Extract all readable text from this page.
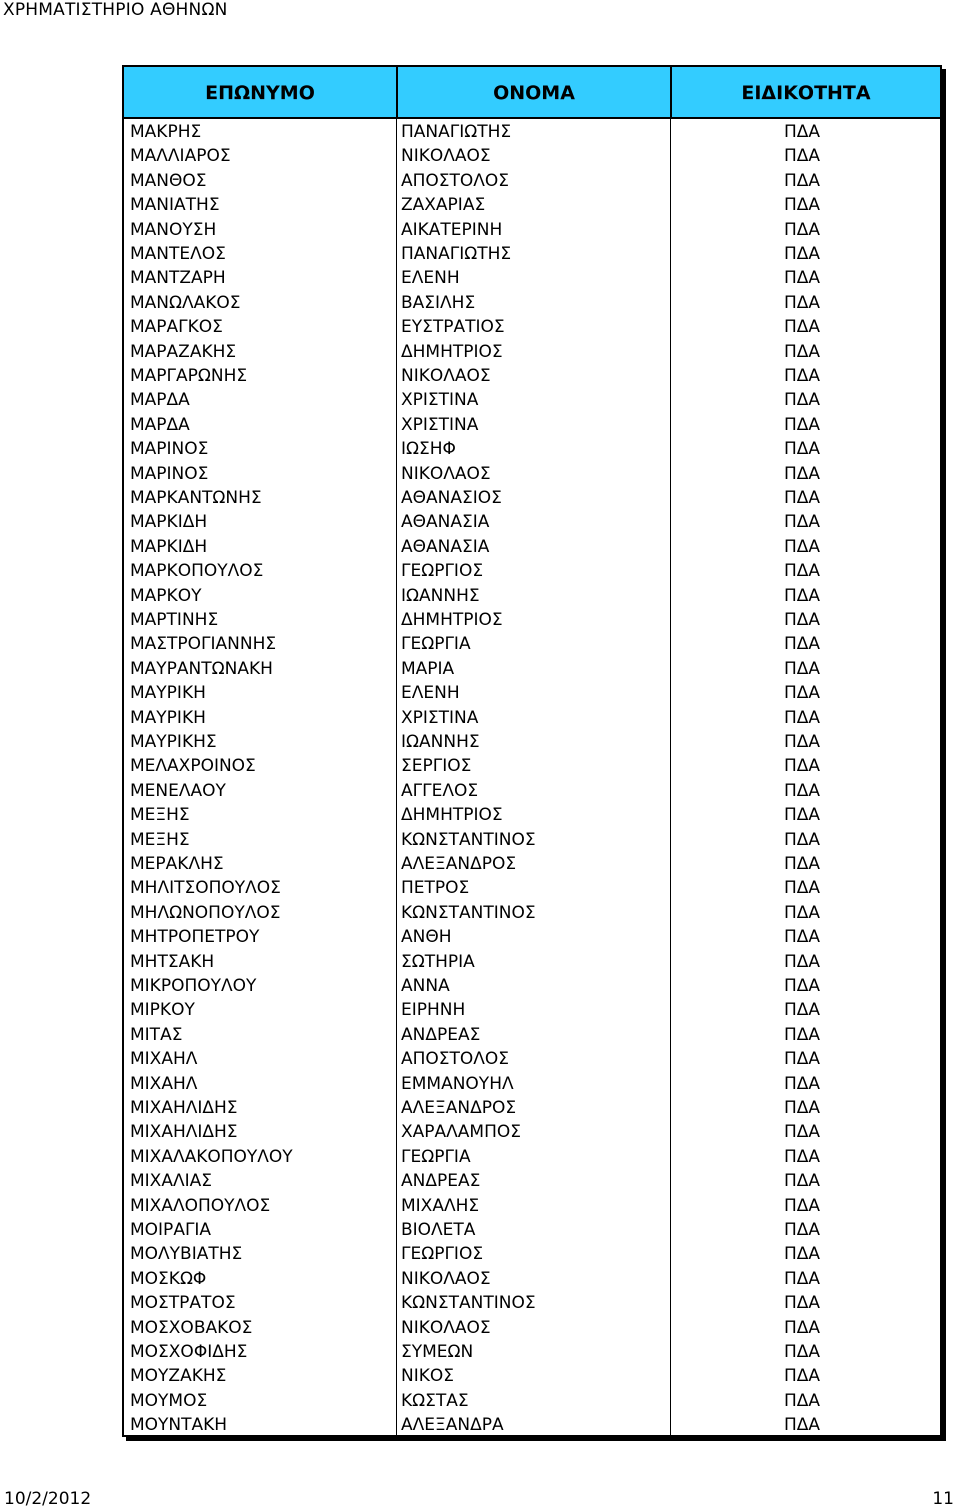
ΧΡΗΜΑΤΙΣΤΗΡΙΟ ΑΘΗΝΩΝ
ΕΠΩΝΥΜΟ	ΟΝΟΜΑ	ΕΙΔΙΚΟΤΗΤΑ
ΜΑΚΡΗΣ	ΠΑΝΑΓΙΩΤΗΣ	ΠΔΑ
ΜΑΛΛΙΑΡΟΣ	ΝΙΚΟΛΑΟΣ	ΠΔΑ
ΜΑΝΘΟΣ	ΑΠΟΣΤΟΛΟΣ	ΠΔΑ
ΜΑΝΙΑΤΗΣ	ΖΑΧΑΡΙΑΣ	ΠΔΑ
ΜΑΝΟΥΣΗ	ΑΙΚΑΤΕΡΙΝΗ	ΠΔΑ
ΜΑΝΤΕΛΟΣ	ΠΑΝΑΓΙΩΤΗΣ	ΠΔΑ
ΜΑΝΤΖΑΡΗ	ΕΛΕΝΗ	ΠΔΑ
ΜΑΝΩΛΑΚΟΣ	ΒΑΣΙΛΗΣ	ΠΔΑ
ΜΑΡΑΓΚΟΣ	ΕΥΣΤΡΑΤΙΟΣ	ΠΔΑ
ΜΑΡΑΖΑΚΗΣ	ΔΗΜΗΤΡΙΟΣ	ΠΔΑ
ΜΑΡΓΑΡΩΝΗΣ	ΝΙΚΟΛΑΟΣ	ΠΔΑ
ΜΑΡΔΑ	ΧΡΙΣΤΙΝΑ	ΠΔΑ
ΜΑΡΔΑ	ΧΡΙΣΤΙΝΑ	ΠΔΑ
ΜΑΡΙΝΟΣ	ΙΩΣΗΦ	ΠΔΑ
ΜΑΡΙΝΟΣ	ΝΙΚΟΛΑΟΣ	ΠΔΑ
ΜΑΡΚΑΝΤΩΝΗΣ	ΑΘΑΝΑΣΙΟΣ	ΠΔΑ
ΜΑΡΚΙΔΗ	ΑΘΑΝΑΣΙΑ	ΠΔΑ
ΜΑΡΚΙΔΗ	ΑΘΑΝΑΣΙΑ	ΠΔΑ
ΜΑΡΚΟΠΟΥΛΟΣ	ΓΕΩΡΓΙΟΣ	ΠΔΑ
ΜΑΡΚΟΥ	ΙΩΑΝΝΗΣ	ΠΔΑ
ΜΑΡΤΙΝΗΣ	ΔΗΜΗΤΡΙΟΣ	ΠΔΑ
ΜΑΣΤΡΟΓΙΑΝΝΗΣ	ΓΕΩΡΓΙΑ	ΠΔΑ
ΜΑΥΡΑΝΤΩΝΑΚΗ	ΜΑΡΙΑ	ΠΔΑ
ΜΑΥΡΙΚΗ	ΕΛΕΝΗ	ΠΔΑ
ΜΑΥΡΙΚΗ	ΧΡΙΣΤΙΝΑ	ΠΔΑ
ΜΑΥΡΙΚΗΣ	ΙΩΑΝΝΗΣ	ΠΔΑ
ΜΕΛΑΧΡΟΙΝΟΣ	ΣΕΡΓΙΟΣ	ΠΔΑ
ΜΕΝΕΛΑΟΥ	ΑΓΓΕΛΟΣ	ΠΔΑ
ΜΕΞΗΣ	ΔΗΜΗΤΡΙΟΣ	ΠΔΑ
ΜΕΞΗΣ	ΚΩΝΣΤΑΝΤΙΝΟΣ	ΠΔΑ
ΜΕΡΑΚΛΗΣ	ΑΛΕΞΑΝΔΡΟΣ	ΠΔΑ
ΜΗΛΙΤΣΟΠΟΥΛΟΣ	ΠΕΤΡΟΣ	ΠΔΑ
ΜΗΛΩΝΟΠΟΥΛΟΣ	ΚΩΝΣΤΑΝΤΙΝΟΣ	ΠΔΑ
ΜΗΤΡΟΠΕΤΡΟΥ	ΑΝΘΗ	ΠΔΑ
ΜΗΤΣΑΚΗ	ΣΩΤΗΡΙΑ	ΠΔΑ
ΜΙΚΡΟΠΟΥΛΟΥ	ΑΝΝΑ	ΠΔΑ
ΜΙΡΚΟΥ	ΕΙΡΗΝΗ	ΠΔΑ
ΜΙΤΑΣ	ΑΝΔΡΕΑΣ	ΠΔΑ
ΜΙΧΑΗΛ	ΑΠΟΣΤΟΛΟΣ	ΠΔΑ
ΜΙΧΑΗΛ	ΕΜΜΑΝΟΥΗΛ	ΠΔΑ
ΜΙΧΑΗΛΙΔΗΣ	ΑΛΕΞΑΝΔΡΟΣ	ΠΔΑ
ΜΙΧΑΗΛΙΔΗΣ	ΧΑΡΑΛΑΜΠΟΣ	ΠΔΑ
ΜΙΧΑΛΑΚΟΠΟΥΛΟΥ	ΓΕΩΡΓΙΑ	ΠΔΑ
ΜΙΧΑΛΙΑΣ	ΑΝΔΡΕΑΣ	ΠΔΑ
ΜΙΧΑΛΟΠΟΥΛΟΣ	ΜΙΧΑΛΗΣ	ΠΔΑ
ΜΟΙΡΑΓΙΑ	ΒΙΟΛΕΤΑ	ΠΔΑ
ΜΟΛΥΒΙΑΤΗΣ	ΓΕΩΡΓΙΟΣ	ΠΔΑ
ΜΟΣΚΩΦ	ΝΙΚΟΛΑΟΣ	ΠΔΑ
ΜΟΣΤΡΑΤΟΣ	ΚΩΝΣΤΑΝΤΙΝΟΣ	ΠΔΑ
ΜΟΣΧΟΒΑΚΟΣ	ΝΙΚΟΛΑΟΣ	ΠΔΑ
ΜΟΣΧΟΦΙΔΗΣ	ΣΥΜΕΩΝ	ΠΔΑ
ΜΟΥΖΑΚΗΣ	ΝΙΚΟΣ	ΠΔΑ
ΜΟΥΜΟΣ	ΚΩΣΤΑΣ	ΠΔΑ
ΜΟΥΝΤΑΚΗ	ΑΛΕΞΑΝΔΡΑ	ΠΔΑ
10/2/2012	11
